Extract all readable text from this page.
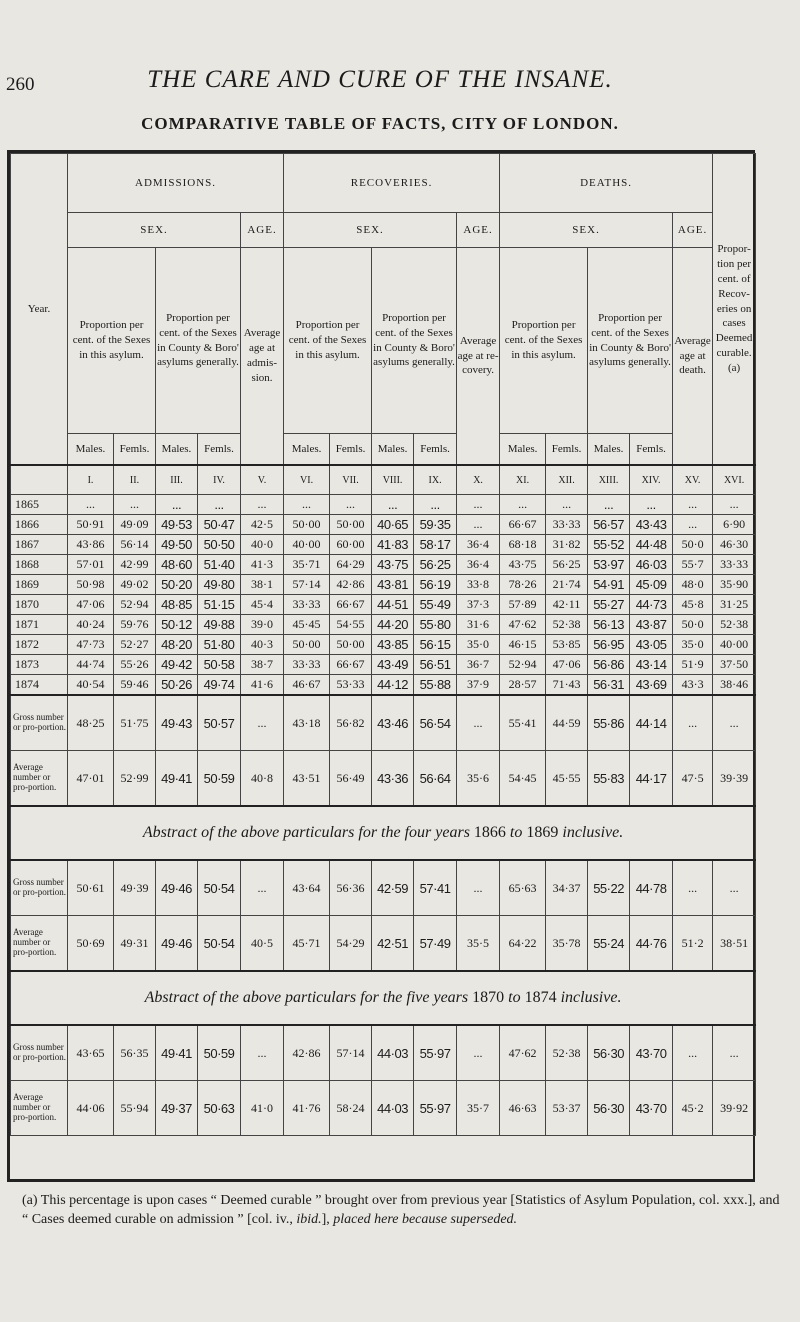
260	THE CARE AND CURE OF THE INSANE.
COMPARATIVE TABLE OF FACTS, CITY OF LONDON.
Year.	ADMISSIONS.					RECOVERIES.					DEATHS.					Propor-tion per cent. of Recov-eries on cases Deemed curable. (a)
	SEX.				AGE.	SEX.				AGE.	SEX.				AGE.	
	Proportion per cent. of the Sexes in this asylum.		Proportion per cent. of the Sexes in County & Boro' asylums generally.		Average age at admis-sion.	Proportion per cent. of the Sexes in this asylum.		Proportion per cent. of the Sexes in County & Boro' asylums generally.		Average age at re-covery.	Proportion per cent. of the Sexes in this asylum.		Proportion per cent. of the Sexes in County & Boro' asylums generally.		Average age at death.	
	Males.	Femls.	Males.	Femls.		Males.	Femls.	Males.	Femls.		Males.	Femls.	Males.	Femls.		
	I.	II.	III.	IV.	V.	VI.	VII.	VIII.	IX.	X.	XI.	XII.	XIII.	XIV.	XV.	XVI.
1865	...	...	...	...	...	...	...	...	...	...	...	...	...	...	...	...
1866	50·91	49·09	49·53	50·47	42·5	50·00	50·00	40·65	59·35	...	66·67	33·33	56·57	43·43	...	6·90
1867	43·86	56·14	49·50	50·50	40·0	40·00	60·00	41·83	58·17	36·4	68·18	31·82	55·52	44·48	50·0	46·30
1868	57·01	42·99	48·60	51·40	41·3	35·71	64·29	43·75	56·25	36·4	43·75	56·25	53·97	46·03	55·7	33·33
1869	50·98	49·02	50·20	49·80	38·1	57·14	42·86	43·81	56·19	33·8	78·26	21·74	54·91	45·09	48·0	35·90
1870	47·06	52·94	48·85	51·15	45·4	33·33	66·67	44·51	55·49	37·3	57·89	42·11	55·27	44·73	45·8	31·25
1871	40·24	59·76	50·12	49·88	39·0	45·45	54·55	44·20	55·80	31·6	47·62	52·38	56·13	43·87	50·0	52·38
1872	47·73	52·27	48·20	51·80	40·3	50·00	50·00	43·85	56·15	35·0	46·15	53·85	56·95	43·05	35·0	40·00
1873	44·74	55·26	49·42	50·58	38·7	33·33	66·67	43·49	56·51	36·7	52·94	47·06	56·86	43·14	51·9	37·50
1874	40·54	59·46	50·26	49·74	41·6	46·67	53·33	44·12	55·88	37·9	28·57	71·43	56·31	43·69	43·3	38·46
Gross number or pro-portion.	48·25	51·75	49·43	50·57	...	43·18	56·82	43·46	56·54	...	55·41	44·59	55·86	44·14	...	...
Average number or pro-portion.	47·01	52·99	49·41	50·59	40·8	43·51	56·49	43·36	56·64	35·6	54·45	45·55	55·83	44·17	47·5	39·39
Abstract of the above particulars for the four years 1866 to 1869 inclusive.																
Gross number or pro-portion.	50·61	49·39	49·46	50·54	...	43·64	56·36	42·59	57·41	...	65·63	34·37	55·22	44·78	...	...
Average number or pro-portion.	50·69	49·31	49·46	50·54	40·5	45·71	54·29	42·51	57·49	35·5	64·22	35·78	55·24	44·76	51·2	38·51
Abstract of the above particulars for the five years 1870 to 1874 inclusive.																
Gross number or pro-portion.	43·65	56·35	49·41	50·59	...	42·86	57·14	44·03	55·97	...	47·62	52·38	56·30	43·70	...	...
Average number or pro-portion.	44·06	55·94	49·37	50·63	41·0	41·76	58·24	44·03	55·97	35·7	46·63	53·37	56·30	43·70	45·2	39·92
(a) This percentage is upon cases “ Deemed curable ” brought over from previous year [Statistics of Asylum Population, col. xxx.], and “ Cases deemed curable on admission ” [col. iv., ibid.], placed here because superseded.
